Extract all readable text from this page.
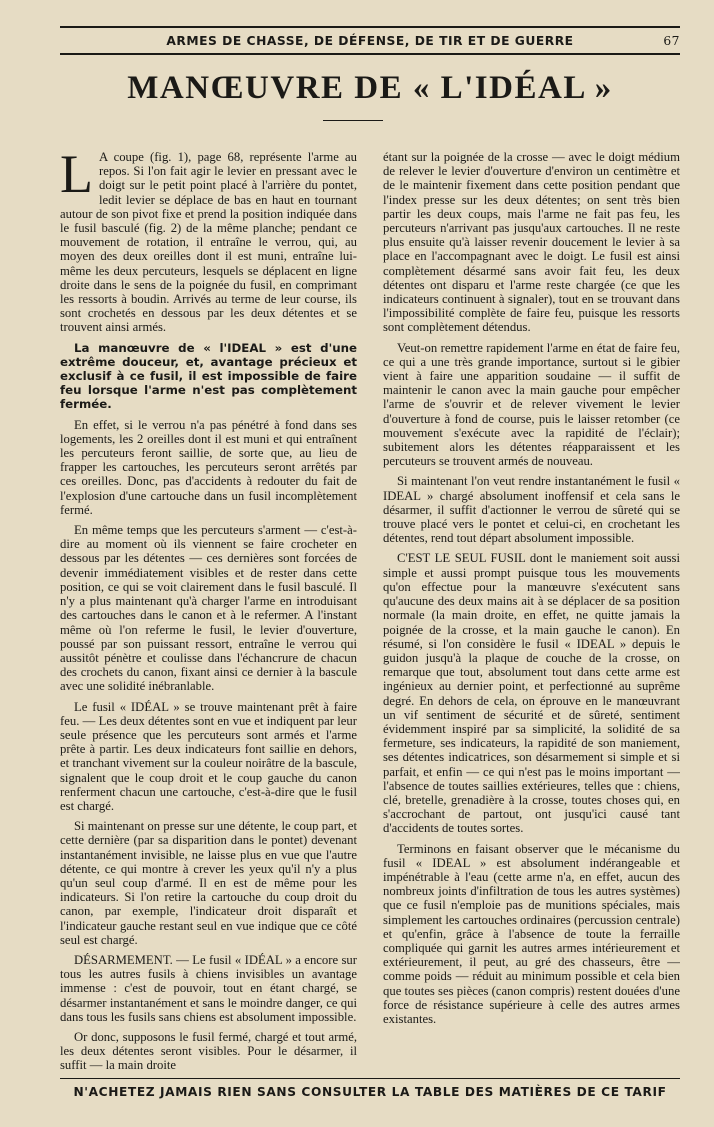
ARMES DE CHASSE, DE DÉFENSE, DE TIR ET DE GUERRE	67
MANŒUVRE DE « L'IDÉAL »

L A coupe (fig. 1), page 68, représente l'arme au repos. Si l'on fait agir le levier en pressant avec le doigt sur le petit point placé à l'arrière du pontet, ledit levier se déplace de bas en haut en tournant autour de son pivot fixe et prend la position indiquée dans le fusil basculé (fig. 2) de la même planche; pendant ce mouvement de rotation, il entraîne le verrou, qui, au moyen des deux oreilles dont il est muni, entraîne lui-même les deux percuteurs, lesquels se déplacent en ligne droite dans le sens de la poignée du fusil, en comprimant les ressorts à boudin. Arrivés au terme de leur course, ils sont crochetés en dessous par les deux détentes et se trouvent ainsi armés.

La manœuvre de « l'IDEAL » est d'une extrême douceur, et, avantage précieux et exclusif à ce fusil, il est impossible de faire feu lorsque l'arme n'est pas complètement fermée.

En effet, si le verrou n'a pas pénétré à fond dans ses logements, les 2 oreilles dont il est muni et qui entraînent les percuteurs feront saillie, de sorte que, au lieu de frapper les cartouches, les percuteurs seront arrêtés par ces oreilles. Donc, pas d'accidents à redouter du fait de l'explosion d'une cartouche dans un fusil incomplètement fermé.

En même temps que les percuteurs s'arment — c'est-à-dire au moment où ils viennent se faire crocheter en dessous par les détentes — ces dernières sont forcées de devenir immédiatement visibles et de rester dans cette position, ce qui se voit clairement dans le fusil basculé. Il n'y a plus maintenant qu'à charger l'arme en introduisant des cartouches dans le canon et à le refermer. A l'instant même où l'on referme le fusil, le levier d'ouverture, poussé par son puissant ressort, entraîne le verrou qui aussitôt pénètre et coulisse dans l'échancrure de chacun des crochets du canon, fixant ainsi ce dernier à la bascule avec une solidité inébranlable.

Le fusil « IDÉAL » se trouve maintenant prêt à faire feu. — Les deux détentes sont en vue et indiquent par leur seule présence que les percuteurs sont armés et l'arme prête à partir. Les deux indicateurs font saillie en dehors, et tranchant vivement sur la couleur noirâtre de la bascule, signalent que le coup droit et le coup gauche du canon renferment chacun une cartouche, c'est-à-dire que le fusil est chargé.

Si maintenant on presse sur une détente, le coup part, et cette dernière (par sa disparition dans le pontet) devenant instantanément invisible, ne laisse plus en vue que l'autre détente, ce qui montre à crever les yeux qu'il n'y a plus qu'un seul coup d'armé. Il en est de même pour les indicateurs. Si l'on retire la cartouche du coup droit du canon, par exemple, l'indicateur droit disparaît et l'indicateur gauche restant seul en vue indique que ce côté seul est chargé.

DÉSARMEMENT. — Le fusil « IDÉAL » a encore sur tous les autres fusils à chiens invisibles un avantage immense : c'est de pouvoir, tout en étant chargé, se désarmer instantanément et sans le moindre danger, ce qui dans tous les fusils sans chiens est absolument impossible.

Or donc, supposons le fusil fermé, chargé et tout armé, les deux détentes seront visibles. Pour le désarmer, il suffit — la main droite

étant sur la poignée de la crosse — avec le doigt médium de relever le levier d'ouverture d'environ un centimètre et de le maintenir fixement dans cette position pendant que l'index presse sur les deux détentes; on sent très bien partir les deux coups, mais l'arme ne fait pas feu, les percuteurs n'arrivant pas jusqu'aux cartouches. Il ne reste plus ensuite qu'à laisser revenir doucement le levier à sa place en l'accompagnant avec le doigt. Le fusil est ainsi complètement désarmé sans avoir fait feu, les deux détentes ont disparu et l'arme reste chargée (ce que les indicateurs continuent à signaler), tout en se trouvant dans l'impossibilité complète de faire feu, puisque les ressorts sont complètement détendus.

Veut-on remettre rapidement l'arme en état de faire feu, ce qui a une très grande importance, surtout si le gibier vient à faire une apparition soudaine — il suffit de maintenir le canon avec la main gauche pour empêcher l'arme de s'ouvrir et de relever vivement le levier d'ouverture à fond de course, puis le laisser retomber (ce mouvement s'exécute avec la rapidité de l'éclair); subitement alors les détentes réapparaissent et les percuteurs se trouvent armés de nouveau.

Si maintenant l'on veut rendre instantanément le fusil « IDEAL » chargé absolument inoffensif et cela sans le désarmer, il suffit d'actionner le verrou de sûreté qui se trouve placé vers le pontet et celui-ci, en crochetant les détentes, rend tout départ absolument impossible.

C'EST LE SEUL FUSIL dont le maniement soit aussi simple et aussi prompt puisque tous les mouvements qu'on effectue pour la manœuvre s'exécutent sans qu'aucune des deux mains ait à se déplacer de sa position normale (la main droite, en effet, ne quitte jamais la poignée de la crosse, et la main gauche le canon). En résumé, si l'on considère le fusil « IDEAL » depuis le guidon jusqu'à la plaque de couche de la crosse, on remarque que tout, absolument tout dans cette arme est ingénieux au dernier point, et perfectionné au suprême degré. En dehors de cela, on éprouve en le manœuvrant un vif sentiment de sécurité et de sûreté, sentiment évidemment inspiré par sa simplicité, la solidité de sa fermeture, ses indicateurs, la rapidité de son maniement, ses détentes indicatrices, son désarmement si simple et si parfait, et enfin — ce qui n'est pas le moins important — l'absence de toutes saillies extérieures, telles que : chiens, clé, bretelle, grenadière à la crosse, toutes choses qui, en s'accrochant de partout, ont jusqu'ici causé tant d'accidents de toutes sortes.

Terminons en faisant observer que le mécanisme du fusil « IDEAL » est absolument indérangeable et impénétrable à l'eau (cette arme n'a, en effet, aucun des nombreux joints d'infiltration de tous les autres systèmes) que ce fusil n'emploie pas de munitions spéciales, mais simplement les cartouches ordinaires (percussion centrale) et qu'enfin, grâce à l'absence de toute la ferraille compliquée qui garnit les autres armes intérieurement et extérieurement, il peut, au gré des chasseurs, être — comme poids — réduit au minimum possible et cela bien que toutes ses pièces (canon compris) restent douées d'une force de résistance supérieure à celle des autres armes existantes.

N'ACHETEZ JAMAIS RIEN SANS CONSULTER LA TABLE DES MATIÈRES DE CE TARIF
